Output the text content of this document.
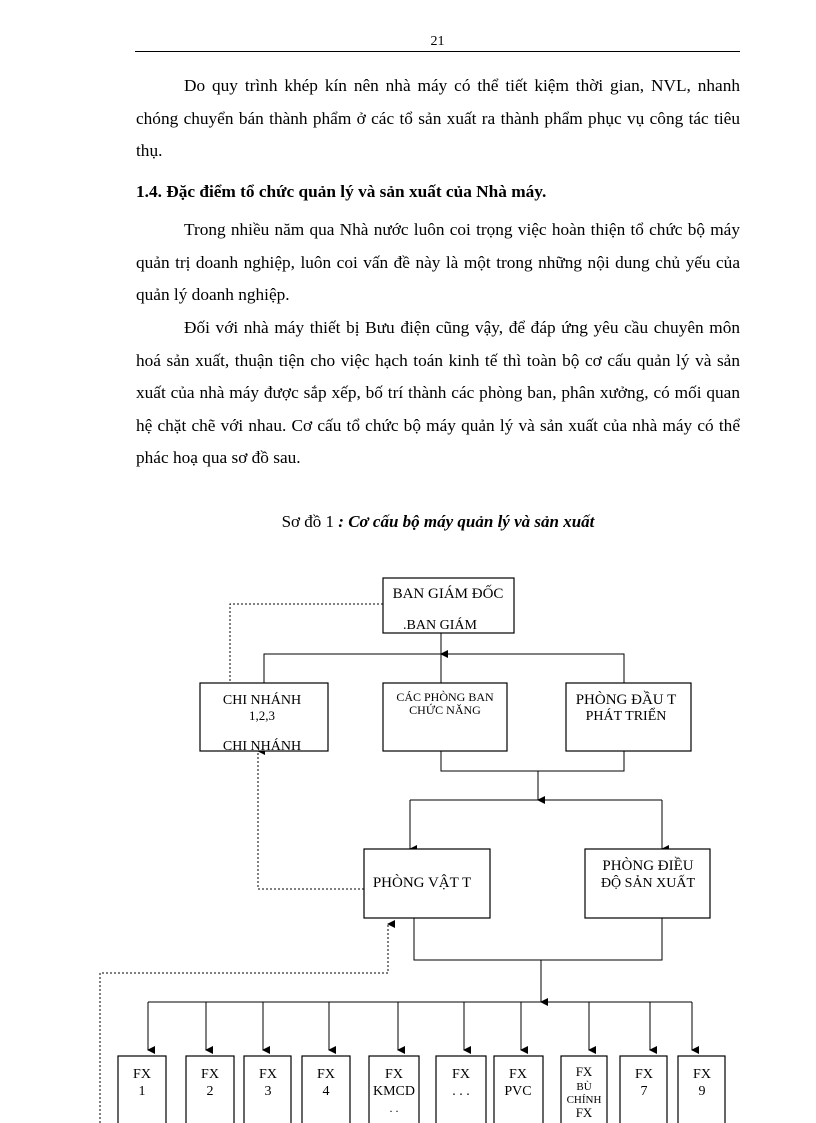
21

Do quy trình khép kín nên nhà máy có thể tiết kiệm thời gian, NVL, nhanh chóng chuyển bán thành phẩm ở các tổ sản xuất ra thành phẩm phục vụ công tác tiêu thụ.

1.4. Đặc điểm tổ chức quản lý và sản xuất của Nhà máy.

Trong nhiều năm qua Nhà nước luôn coi trọng việc hoàn thiện tổ chức bộ máy quản trị doanh nghiệp, luôn coi vấn đề này là một trong những nội dung chủ yếu của quản lý doanh nghiệp.

Đối với nhà máy thiết bị Bưu điện cũng vậy, để đáp ứng yêu cầu chuyên môn hoá sản xuất, thuận tiện cho việc hạch toán kinh tế thì toàn bộ cơ cấu quản lý và sản xuất của nhà máy được sắp xếp, bố trí thành các phòng ban, phân xưởng, có mối quan hệ chặt chẽ với nhau. Cơ cấu tổ chức bộ máy quản lý và sản xuất của nhà máy có thể phác hoạ qua sơ đồ sau.

Sơ đồ 1 : Cơ cấu bộ máy quản lý và sản xuất
BAN GIÁM ĐỐC
.BAN GIÁM
CHI NHÁNH
1,2,3
CHI NHÁNH
CÁC PHÒNG BAN
CHỨC NĂNG
PHÒNG ĐẦU T
PHÁT TRIỂN
PHÒNG VẬT T
PHÒNG ĐIỀU
ĐỘ SẢN XUẤT
FX
1
FX
2
FX
3
FX
4
FX
KMCD
. .
FX
. . .
FX
PVC
FX
BÙ
CHÍNH
FX
FX
7
FX
9
